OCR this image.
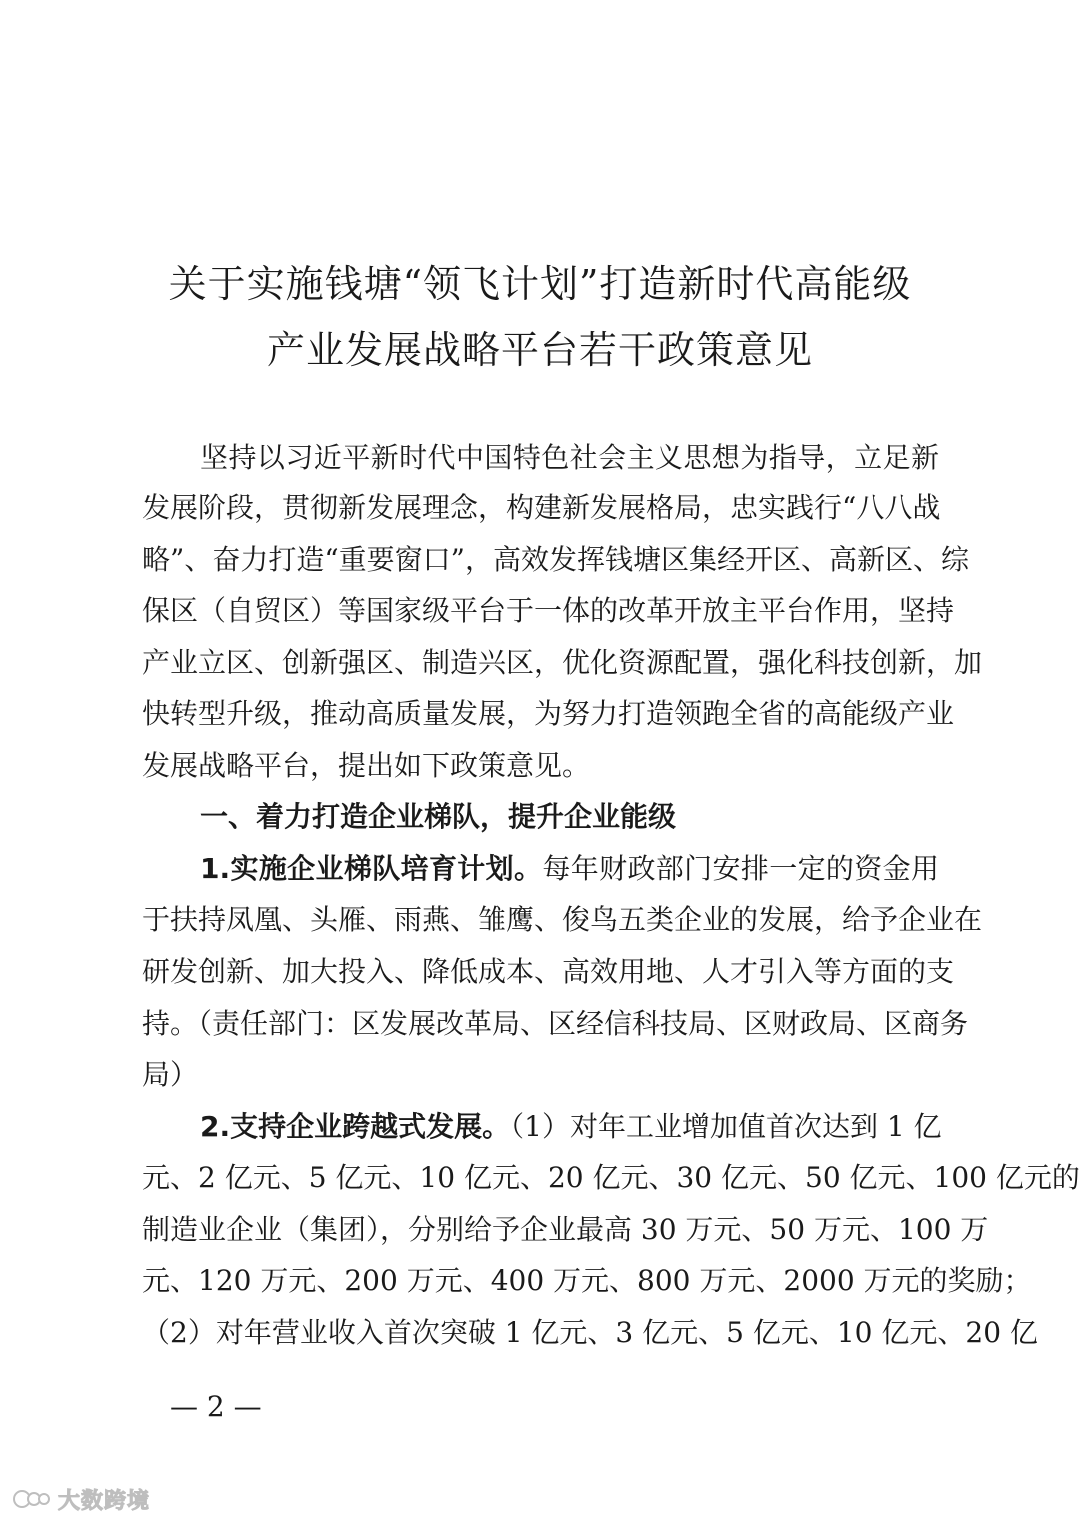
关于实施钱塘“领飞计划”打造新时代高能级
产业发展战略平台若干政策意见

坚持以习近平新时代中国特色社会主义思想为指导，立足新

发展阶段，贯彻新发展理念，构建新发展格局，忠实践行“八八战

略”、奋力打造“重要窗口”，高效发挥钱塘区集经开区、高新区、综

保区（自贸区）等国家级平台于一体的改革开放主平台作用，坚持

产业立区、创新强区、制造兴区，优化资源配置，强化科技创新，加

快转型升级，推动高质量发展，为努力打造领跑全省的高能级产业

发展战略平台，提出如下政策意见。

一、着力打造企业梯队，提升企业能级

1.实施企业梯队培育计划。每年财政部门安排一定的资金用

于扶持凤凰、头雁、雨燕、雏鹰、俊鸟五类企业的发展，给予企业在

研发创新、加大投入、降低成本、高效用地、人才引入等方面的支

持。（责任部门：区发展改革局、区经信科技局、区财政局、区商务

局）

2.支持企业跨越式发展。（1）对年工业增加值首次达到 1 亿

元、2 亿元、5 亿元、10 亿元、20 亿元、30 亿元、50 亿元、100 亿元的

制造业企业（集团），分别给予企业最高 30 万元、50 万元、100 万

元、120 万元、200 万元、400 万元、800 万元、2000 万元的奖励；

（2）对年营业收入首次突破 1 亿元、3 亿元、5 亿元、10 亿元、20 亿

— 2 —

大数跨境
